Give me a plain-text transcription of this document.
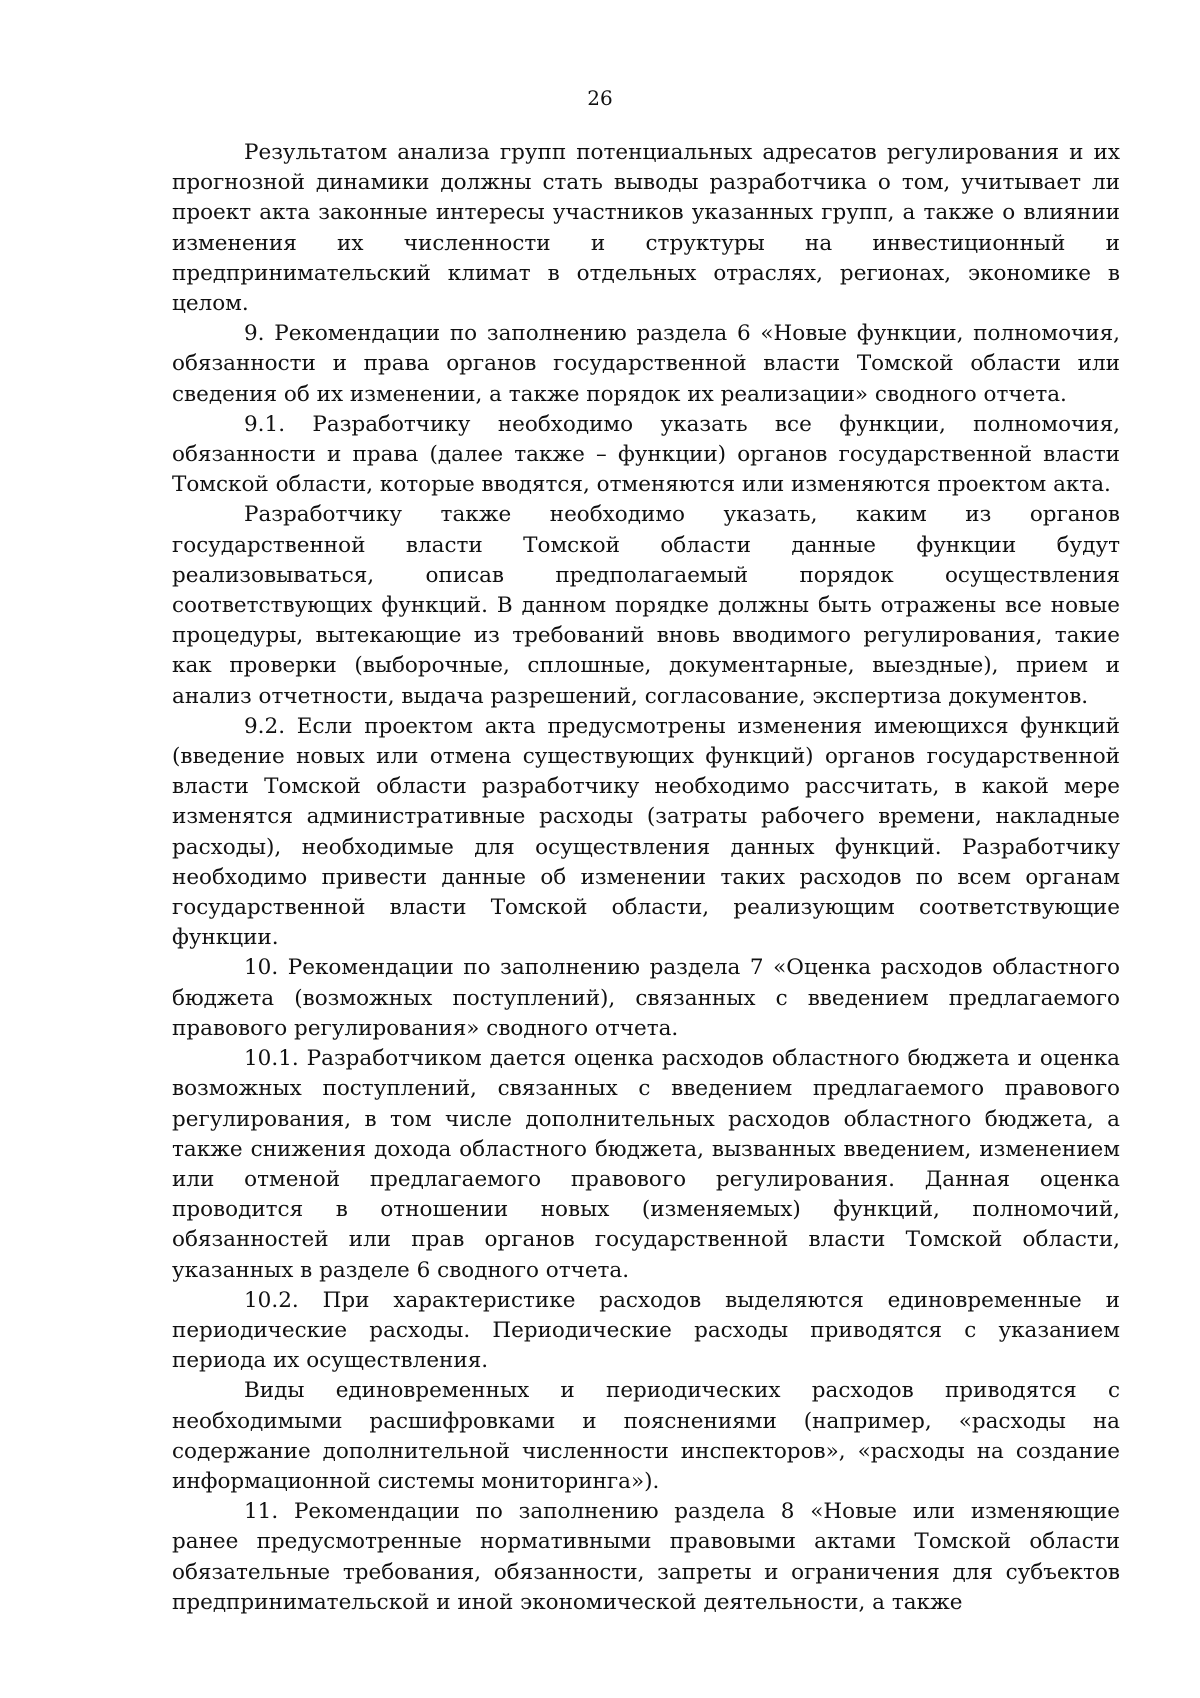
26

Результатом анализа групп потенциальных адресатов регулирования и их прогнозной динамики должны стать выводы разработчика о том, учитывает ли проект акта законные интересы участников указанных групп, а также о влиянии изменения их численности и структуры на инвестиционный и предпринимательский климат в отдельных отраслях, регионах, экономике в целом.

9. Рекомендации по заполнению раздела 6 «Новые функции, полномочия, обязанности и права органов государственной власти Томской области или сведения об их изменении, а также порядок их реализации» сводного отчета.

9.1. Разработчику необходимо указать все функции, полномочия, обязанности и права (далее также – функции) органов государственной власти Томской области, которые вводятся, отменяются или изменяются проектом акта.

Разработчику также необходимо указать, каким из органов государственной власти Томской области данные функции будут реализовываться, описав предполагаемый порядок осуществления соответствующих функций. В данном порядке должны быть отражены все новые процедуры, вытекающие из требований вновь вводимого регулирования, такие как проверки (выборочные, сплошные, документарные, выездные), прием и анализ отчетности, выдача разрешений, согласование, экспертиза документов.

9.2. Если проектом акта предусмотрены изменения имеющихся функций (введение новых или отмена существующих функций) органов государственной власти Томской области разработчику необходимо рассчитать, в какой мере изменятся административные расходы (затраты рабочего времени, накладные расходы), необходимые для осуществления данных функций. Разработчику необходимо привести данные об изменении таких расходов по всем органам государственной власти Томской области, реализующим соответствующие функции.

10. Рекомендации по заполнению раздела 7 «Оценка расходов областного бюджета (возможных поступлений), связанных с введением предлагаемого правового регулирования» сводного отчета.

10.1. Разработчиком дается оценка расходов областного бюджета и оценка возможных поступлений, связанных с введением предлагаемого правового регулирования, в том числе дополнительных расходов областного бюджета, а также снижения дохода областного бюджета, вызванных введением, изменением или отменой предлагаемого правового регулирования. Данная оценка проводится в отношении новых (изменяемых) функций, полномочий, обязанностей или прав органов государственной власти Томской области, указанных в разделе 6 сводного отчета.

10.2. При характеристике расходов выделяются единовременные и периодические расходы. Периодические расходы приводятся с указанием периода их осуществления.

Виды единовременных и периодических расходов приводятся с необходимыми расшифровками и пояснениями (например, «расходы на содержание дополнительной численности инспекторов», «расходы на создание информационной системы мониторинга»).

11. Рекомендации по заполнению раздела 8 «Новые или изменяющие ранее предусмотренные нормативными правовыми актами Томской области обязательные требования, обязанности, запреты и ограничения для субъектов предпринимательской и иной экономической деятельности, а также
